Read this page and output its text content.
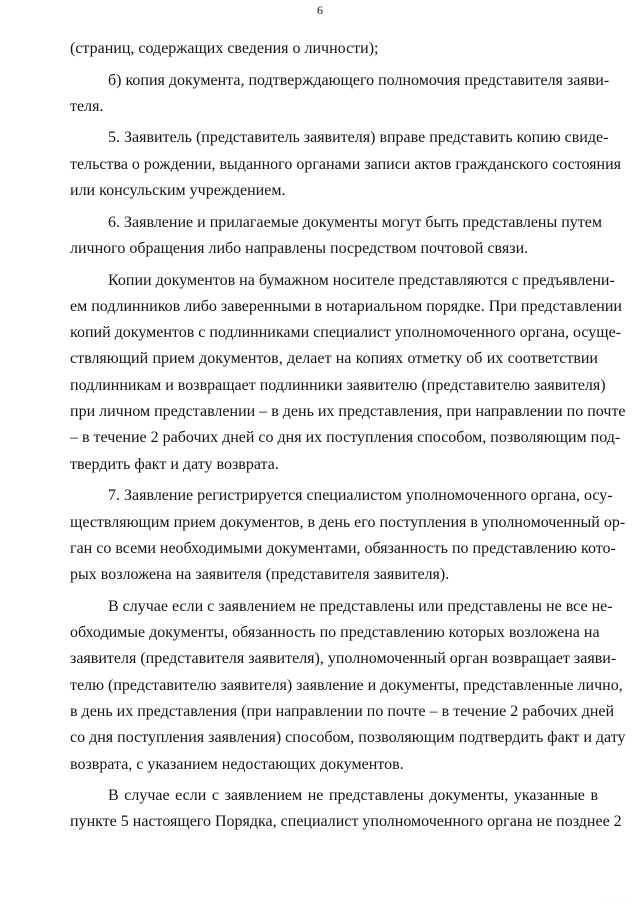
6
(страниц, содержащих сведения о личности);
б) копия документа, подтверждающего полномочия представителя заяви-
теля.
5. Заявитель (представитель заявителя) вправе представить копию свиде-
тельства о рождении, выданного органами записи актов гражданского состояния
или консульским учреждением.
6. Заявление и прилагаемые документы могут быть представлены путем
личного обращения либо направлены посредством почтовой связи.
Копии документов на бумажном носителе представляются с предъявлени-
ем подлинников либо заверенными в нотариальном порядке. При представлении
копий документов с подлинниками специалист уполномоченного органа, осуще-
ствляющий прием документов, делает на копиях отметку об их соответствии
подлинникам и возвращает подлинники заявителю (представителю заявителя)
при личном представлении – в день их представления, при направлении по почте
– в течение 2 рабочих дней со дня их поступления способом, позволяющим под-
твердить факт и дату возврата.
7. Заявление регистрируется специалистом уполномоченного органа, осу-
ществляющим прием документов, в день его поступления в уполномоченный ор-
ган со всеми необходимыми документами, обязанность по представлению кото-
рых возложена на заявителя (представителя заявителя).
В случае если с заявлением не представлены или представлены не все не-
обходимые документы, обязанность по представлению которых возложена на
заявителя (представителя заявителя), уполномоченный орган возвращает заяви-
телю (представителю заявителя) заявление и документы, представленные лично,
в день их представления (при направлении по почте – в течение 2 рабочих дней
со дня поступления заявления) способом, позволяющим подтвердить факт и дату
возврата, с указанием недостающих документов.
В случае если с заявлением не представлены документы, указанные в
пункте 5 настоящего Порядка, специалист уполномоченного органа не позднее 2
· · · ·
